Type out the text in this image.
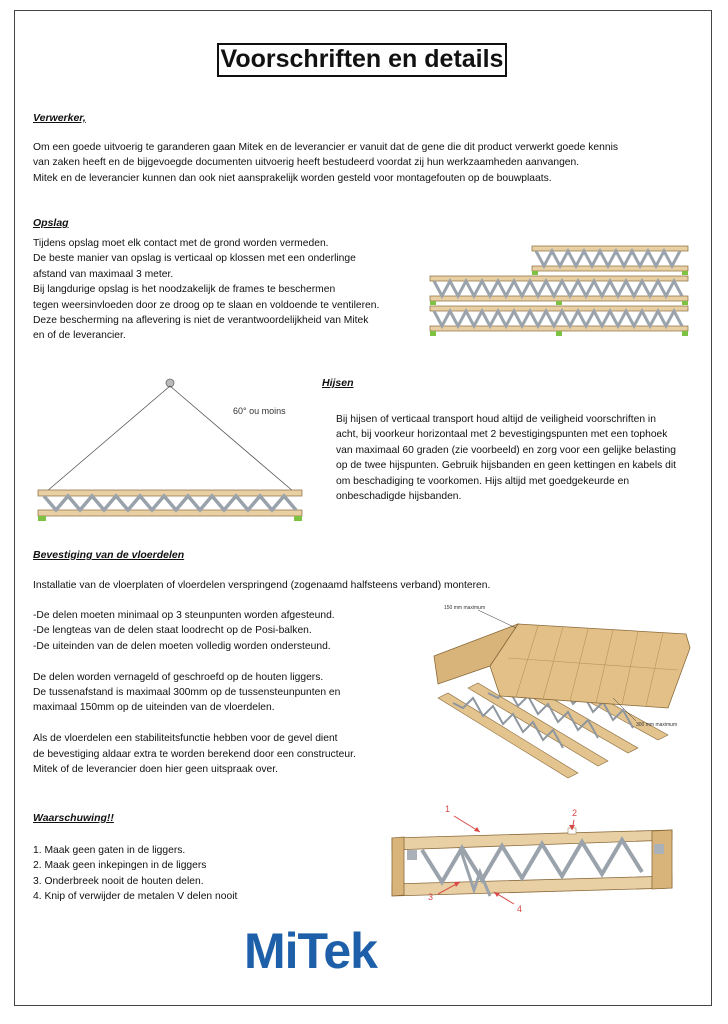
Voorschriften en details
Verwerker,
Om een goede uitvoerig te garanderen gaan Mitek en de leverancier er vanuit dat de gene die dit product verwerkt goede kennis
van zaken heeft en de bijgevoegde documenten uitvoerig heeft bestudeerd voordat zij hun werkzaamheden aanvangen.
Mitek en de leverancier kunnen dan ook niet aansprakelijk worden gesteld voor montagefouten op de bouwplaats.
Opslag
Tijdens opslag moet elk contact met de grond worden vermeden.
De beste manier van opslag is verticaal op klossen met een onderlinge
afstand van maximaal 3 meter.
Bij langdurige opslag is het noodzakelijk de frames te beschermen
tegen weersinvloeden door ze droog op te slaan en voldoende te ventileren.
Deze bescherming na aflevering is niet de verantwoordelijkheid van Mitek
en of de leverancier.
60° ou moins
Hijsen
Bij hijsen of verticaal transport houd altijd de veiligheid voorschriften in
acht, bij voorkeur horizontaal met 2 bevestigingspunten met een tophoek
van maximaal 60 graden (zie voorbeeld) en zorg voor een gelijke belasting
op de twee hijspunten. Gebruik hijsbanden en geen kettingen en kabels dit
om beschadiging te voorkomen. Hijs altijd met goedgekeurde en
onbeschadigde hijsbanden.
Bevestiging van de vloerdelen
Installatie van de vloerplaten of vloerdelen verspringend (zogenaamd halfsteens verband) monteren.
-De delen moeten minimaal op 3 steunpunten worden afgesteund.
-De lengteas van de delen staat loodrecht op de Posi-balken.
-De uiteinden van de delen moeten volledig worden ondersteund.
De delen worden vernageld of geschroefd op de houten liggers.
De tussenafstand is maximaal 300mm op de tussensteunpunten en
maximaal 150mm op de uiteinden van de vloerdelen.
Als de vloerdelen een stabiliteitsfunctie hebben voor de gevel dient
de bevestiging aldaar extra te worden berekend door een constructeur.
Mitek of de leverancier doen hier geen uitspraak over.
150 mm maximum
300 mm maximum
Waarschuwing!!
1. Maak geen gaten in de liggers.
2. Maak geen inkepingen in de liggers
3. Onderbreek nooit de houten delen.
4. Knip of verwijder de metalen V delen nooit
1	2
3
4
MiTek
